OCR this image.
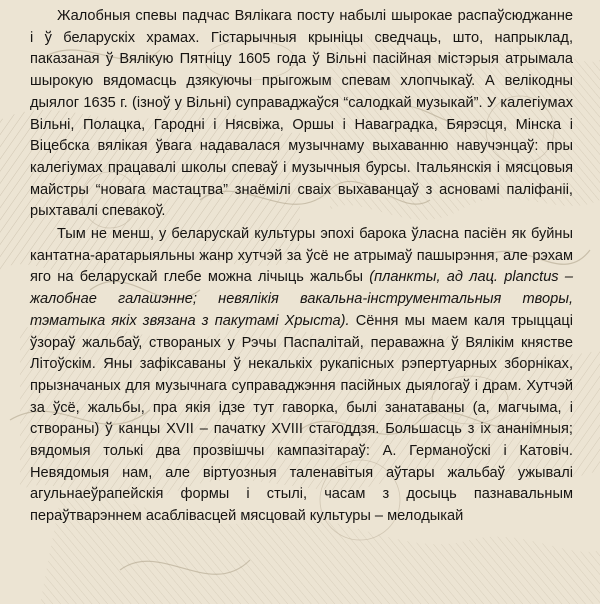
Жалобныя спевы падчас Вялікага посту набылі шырокае распаўсюджанне і ў беларускіх храмах. Гістарычныя крыніцы сведчаць, што, напрыклад, паказаная ў Вялікую Пятніцу 1605 года ў Вільні пасійная містэрыя атрымала шырокую вядомасць дзякуючы прыгожым спевам хлопчыкаў. А велікодны дыялог 1635 г. (ізноў у Вільні) суправаджаўся “салодкай музыкай”. У калегіумах Вільні, Полацка, Гародні і Нясвіжа, Оршы і Наваградка, Бярэсця, Мінска і Віцебска вялікая ўвага надавалася музычнаму выхаванню навучэнцаў: пры калегіумах працавалі школы спеваў і музычныя бурсы. Італьянскія і мясцовыя майстры “новага мастацтва” знаёмілі сваіх выхаванцаў з асновамі паліфаніі, рыхтавалі спевакоў.

Тым не менш, у беларускай культуры эпохі барока ўласна пасіён як буйны кантатна-аратарыяльны жанр хутчэй за ўсё не атрымаў пашырэння, але рэхам яго на беларускай глебе можна лічыць жальбы (планкты, ад лац. planctus – жалобнае галашэнне; невялікія вакальна-інструментальныя творы, тэматыка якіх звязана з пакутамі Хрыста). Сёння мы маем каля трыццаці ўзораў жальбаў, створаных у Рэчы Паспалітай, пераважна ў Вялікім княстве Літоўскім. Яны зафіксаваны ў некалькіх рукапісных рэпертуарных зборніках, прызначаных для музычнага суправаджэння пасійных дыялогаў і драм. Хутчэй за ўсё, жальбы, пра якія ідзе тут гаворка, былі занатаваны (а, магчыма, і створаны) ў канцы XVII – пачатку XVIII стагоддзя. Большасць з іх ананімныя; вядомыя толькі два прозвішчы кампазітараў: А. Германоўскі і Катовіч. Невядомыя нам, але віртуозныя таленавітыя аўтары жальбаў ужывалі агульнаеўрапейскія формы і стылі, часам з досыць пазнавальным пераўтварэннем асаблівасцей мясцовай культуры – мелодыкай
